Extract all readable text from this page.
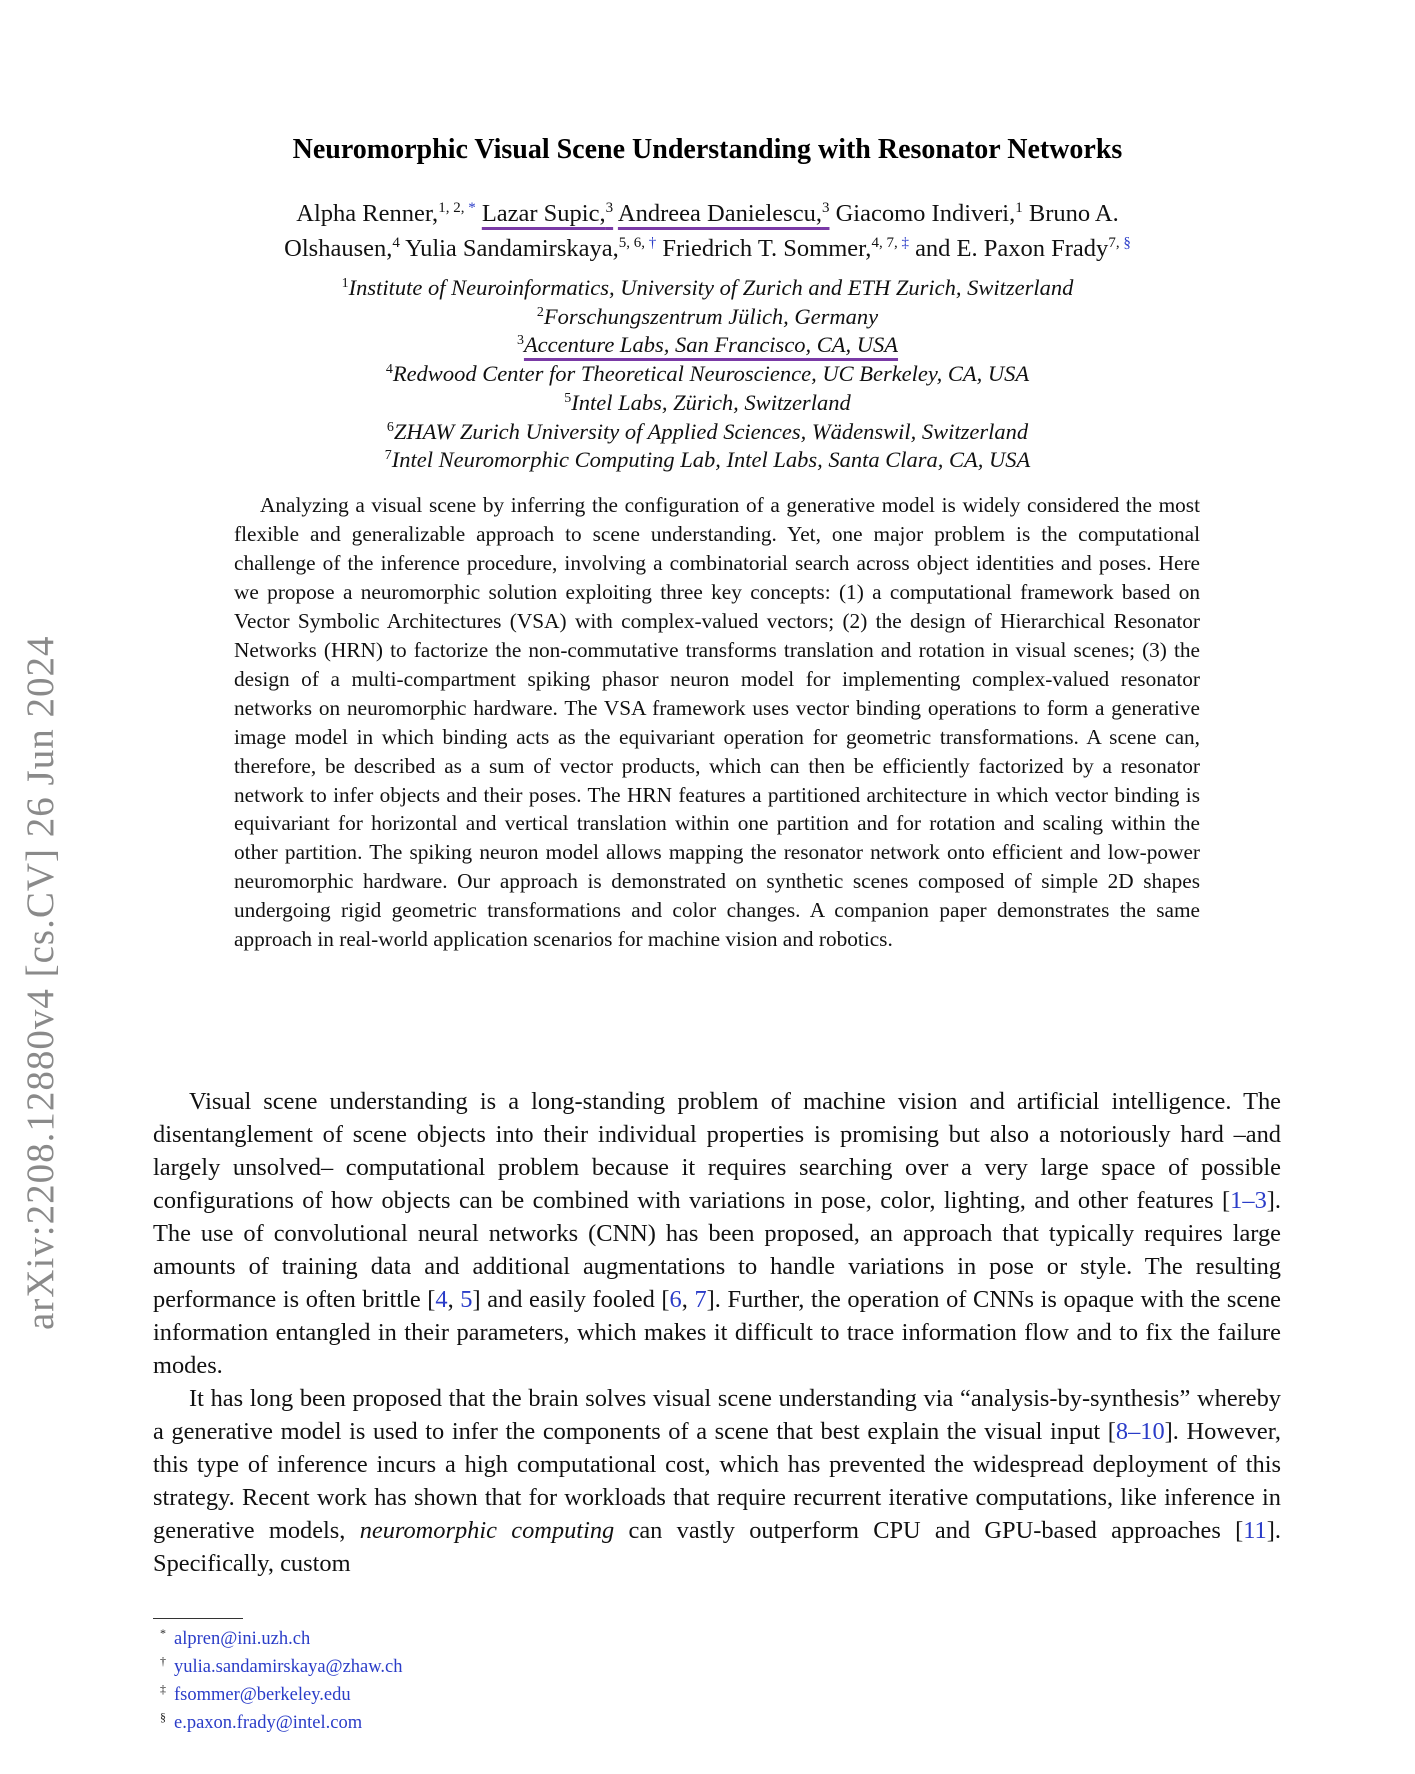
arXiv:2208.12880v4 [cs.CV] 26 Jun 2024
Neuromorphic Visual Scene Understanding with Resonator Networks
Alpha Renner,$^{1, 2, *}$ Lazar Supic,$^3$ Andreea Danielescu,$^3$ Giacomo Indiveri,$^1$ Bruno A.
Olshausen,$^4$ Yulia Sandamirskaya,$^{5, 6, \dagger}$ Friedrich T. Sommer,$^{4, 7, \ddagger}$ and E. Paxon Frady$^{7, \S}$
$^1$Institute of Neuroinformatics, University of Zurich and ETH Zurich, Switzerland
$^2$Forschungszentrum Jülich, Germany
$^3$Accenture Labs, San Francisco, CA, USA
$^4$Redwood Center for Theoretical Neuroscience, UC Berkeley, CA, USA
$^5$Intel Labs, Zürich, Switzerland
$^6$ZHAW Zurich University of Applied Sciences, Wädenswil, Switzerland
$^7$Intel Neuromorphic Computing Lab, Intel Labs, Santa Clara, CA, USA

Analyzing a visual scene by inferring the configuration of a generative model is widely considered the most flexible and generalizable approach to scene understanding. Yet, one major problem is the computational challenge of the inference procedure, involving a combinatorial search across object identities and poses. Here we propose a neuromorphic solution exploiting three key concepts: (1) a computational framework based on Vector Symbolic Architectures (VSA) with complex-valued vectors; (2) the design of Hierarchical Resonator Networks (HRN) to factorize the non-commutative transforms translation and rotation in visual scenes; (3) the design of a multi-compartment spiking phasor neuron model for implementing complex-valued resonator networks on neuromorphic hardware. The VSA framework uses vector binding operations to form a generative image model in which binding acts as the equivariant operation for geometric transformations. A scene can, therefore, be described as a sum of vector products, which can then be efficiently factorized by a resonator network to infer objects and their poses. The HRN features a partitioned architecture in which vector binding is equivariant for horizontal and vertical translation within one partition and for rotation and scaling within the other partition. The spiking neuron model allows mapping the resonator network onto efficient and low-power neuromorphic hardware. Our approach is demonstrated on synthetic scenes composed of simple 2D shapes undergoing rigid geometric transformations and color changes. A companion paper demonstrates the same approach in real-world application scenarios for machine vision and robotics.

Visual scene understanding is a long-standing problem of machine vision and artificial intelligence. The disentanglement of scene objects into their individual properties is promising but also a notoriously hard –and largely unsolved– computational problem because it requires searching over a very large space of possible configurations of how objects can be combined with variations in pose, color, lighting, and other features [1–3]. The use of convolutional neural networks (CNN) has been proposed, an approach that typically requires large amounts of training data and additional augmentations to handle variations in pose or style. The resulting performance is often brittle [4, 5] and easily fooled [6, 7]. Further, the operation of CNNs is opaque with the scene information entangled in their parameters, which makes it difficult to trace information flow and to fix the failure modes.

It has long been proposed that the brain solves visual scene understanding via “analysis-by-synthesis” whereby a generative model is used to infer the components of a scene that best explain the visual input [8–10]. However, this type of inference incurs a high computational cost, which has prevented the widespread deployment of this strategy. Recent work has shown that for workloads that require recurrent iterative computations, like inference in generative models, neuromorphic computing can vastly outperform CPU and GPU-based approaches [11]. Specifically, custom

* alpren@ini.uzh.ch
† yulia.sandamirskaya@zhaw.ch
‡ fsommer@berkeley.edu
§ e.paxon.frady@intel.com
